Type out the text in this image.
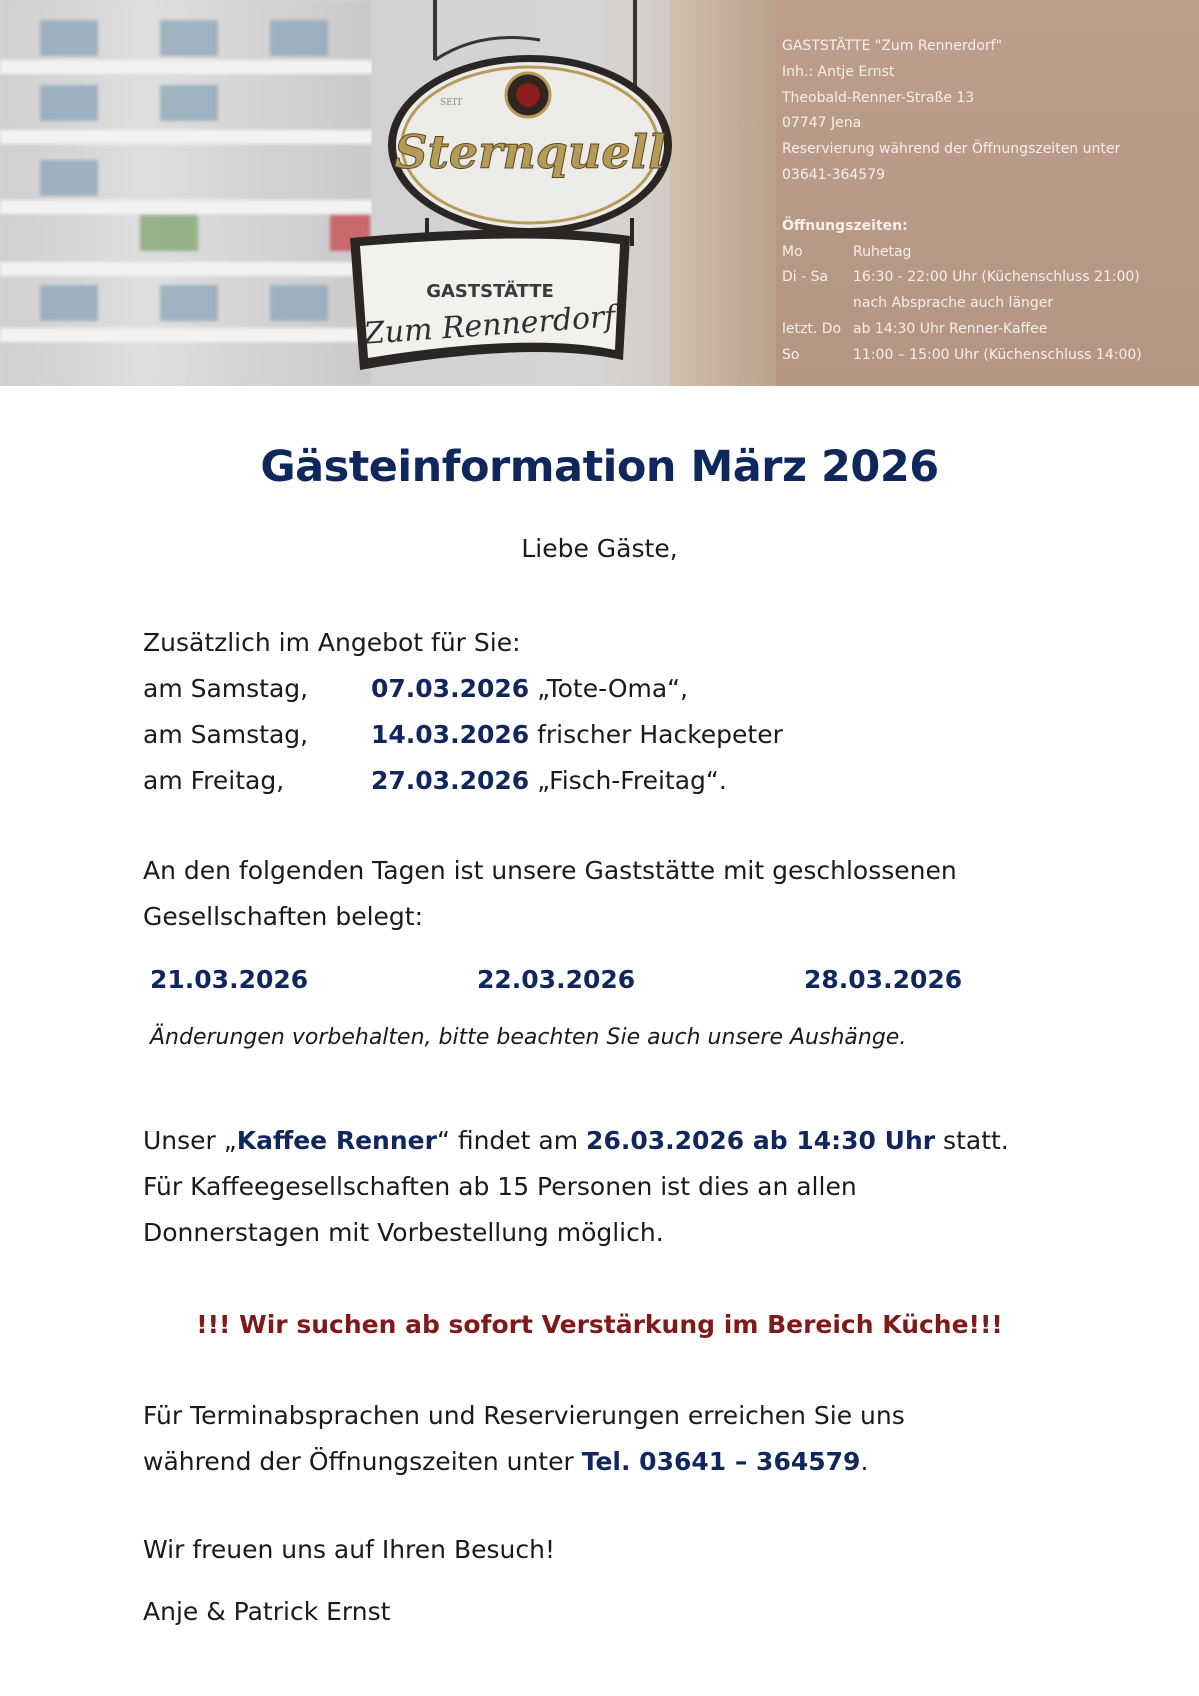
SEIT
Sternquell
GASTSTÄTTE
Zum Rennerdorf
GASTSTÄTTE "Zum Rennerdorf"
Inh.: Antje Ernst
Theobald-Renner-Straße 13
07747 Jena
Reservierung während der Öffnungszeiten unter
03641-364579
Öffnungszeiten:
Mo	Ruhetag
Di - Sa	16:30 - 22:00 Uhr (Küchenschluss 21:00)
nach Absprache auch länger
letzt. Do ab 14:30 Uhr Renner-Kaffee
So	11:00 – 15:00 Uhr (Küchenschluss 14:00)
Gästeinformation März 2026
Liebe Gäste,
Zusätzlich im Angebot für Sie:
am Samstag,	07.03.2026 „Tote-Oma“,
am Samstag,	14.03.2026 frischer Hackepeter
am Freitag,	27.03.2026 „Fisch-Freitag“.
An den folgenden Tagen ist unsere Gaststätte mit geschlossenen
Gesellschaften belegt:
21.03.2026	22.03.2026	28.03.2026
Änderungen vorbehalten, bitte beachten Sie auch unsere Aushänge.
Unser „Kaffee Renner“ findet am 26.03.2026 ab 14:30 Uhr statt.
Für Kaffeegesellschaften ab 15 Personen ist dies an allen
Donnerstagen mit Vorbestellung möglich.
!!! Wir suchen ab sofort Verstärkung im Bereich Küche!!!
Für Terminabsprachen und Reservierungen erreichen Sie uns
während der Öffnungszeiten unter Tel. 03641 – 364579.
Wir freuen uns auf Ihren Besuch!
Anje & Patrick Ernst
